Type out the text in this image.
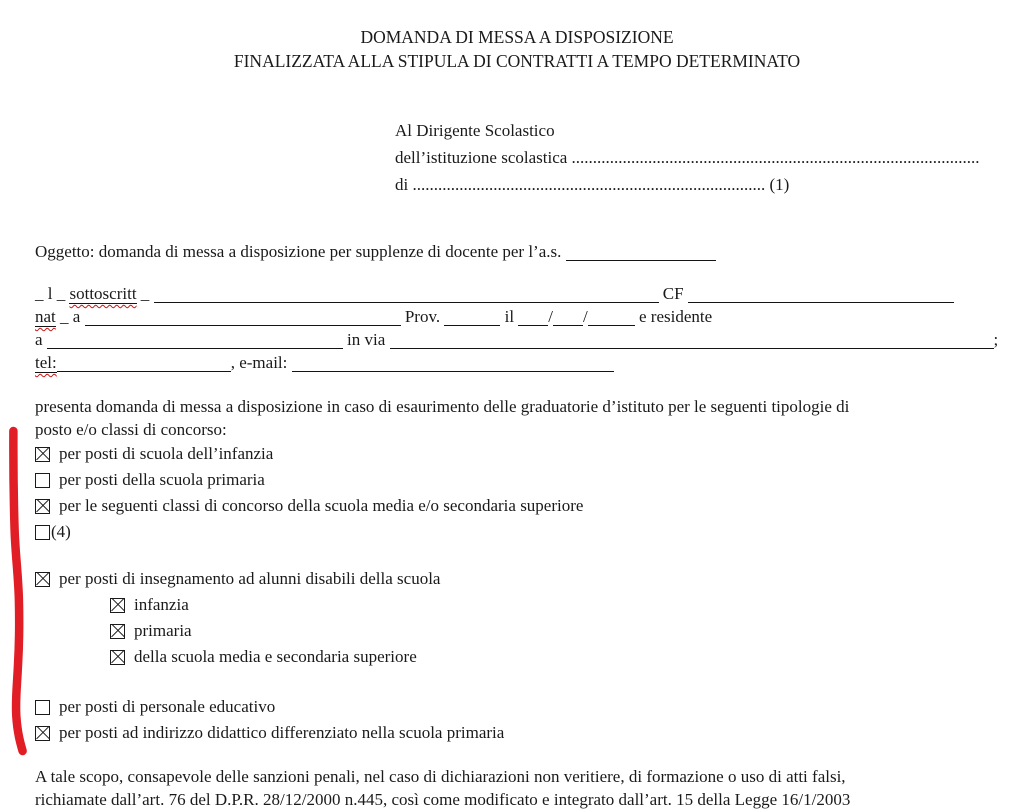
DOMANDA DI MESSA A DISPOSIZIONE
FINALIZZATA ALLA STIPULA DI CONTRATTI A TEMPO DETERMINATO
Al Dirigente Scolastico
dell’istituzione scolastica ................................................................................................
di ................................................................................... (1)
Oggetto: domanda di messa a disposizione per supplenze di docente per l’a.s.
_ l _ sottoscritt _	CF
nat _ a	Prov.	il / /	e residente
a	in via	;
tel:	, e-mail:
presenta domanda di messa a disposizione in caso di esaurimento delle graduatorie d’istituto per le seguenti tipologie di
posto e/o classi di concorso:
per posti di scuola dell’infanzia
per posti della scuola primaria
per le seguenti classi di concorso della scuola media e/o secondaria superiore
(4)
per posti di insegnamento ad alunni disabili della scuola
infanzia
primaria
della scuola media e secondaria superiore
per posti di personale educativo
per posti ad indirizzo didattico differenziato nella scuola primaria
A tale scopo, consapevole delle sanzioni penali, nel caso di dichiarazioni non veritiere, di formazione o uso di atti falsi,
richiamate dall’art. 76 del D.P.R. 28/12/2000 n.445, così come modificato e integrato dall’art. 15 della Legge 16/1/2003
